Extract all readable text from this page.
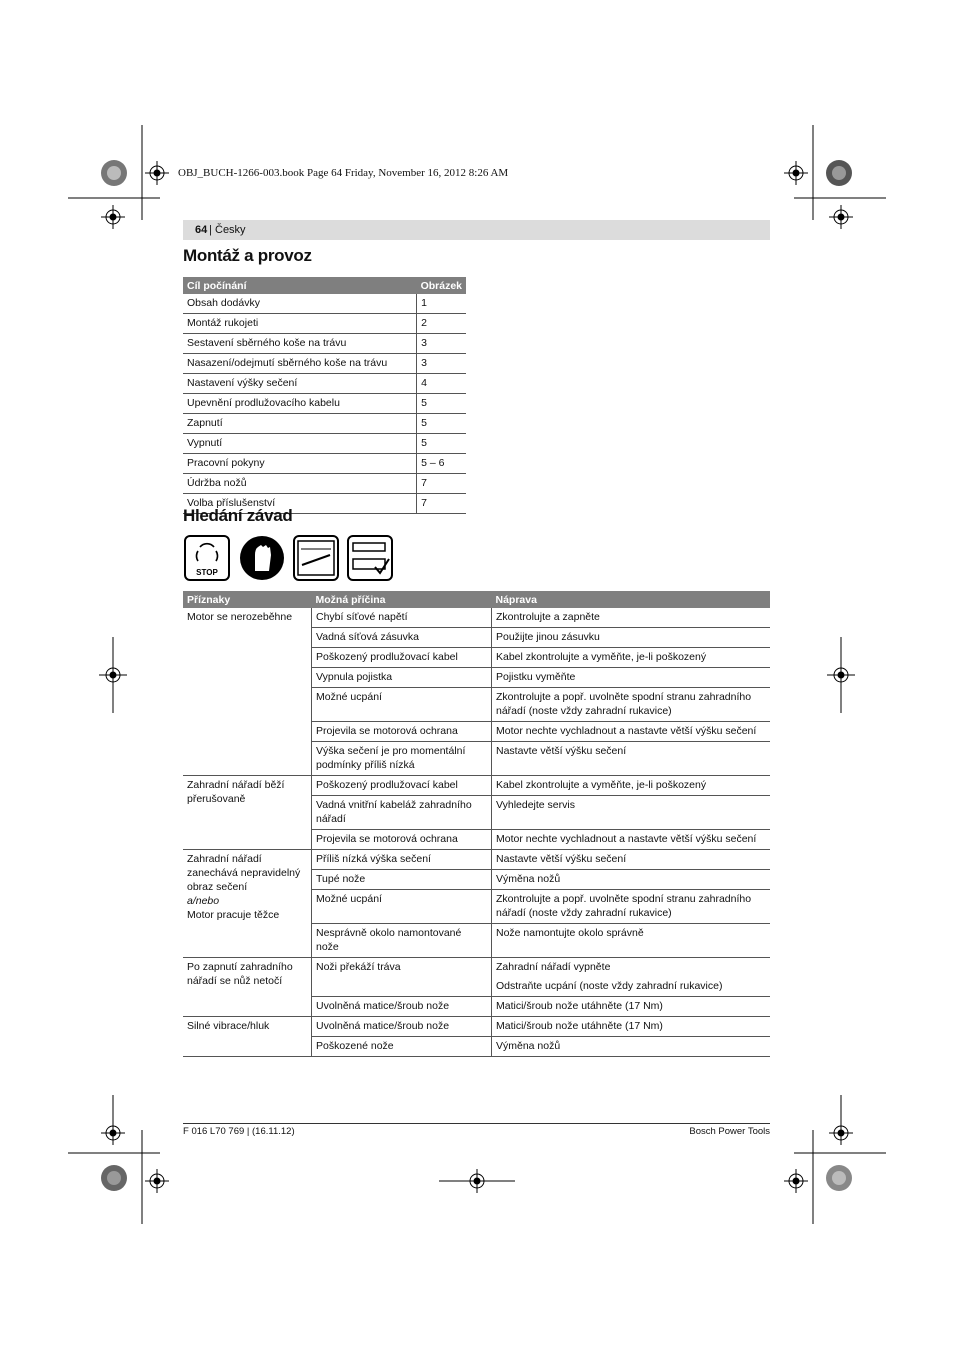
OBJ_BUCH-1266-003.book Page 64 Friday, November 16, 2012 8:26 AM
64 | Česky
Montáž a provoz
Cíl počínání	Obrázek
Obsah dodávky	1
Montáž rukojeti	2
Sestavení sběrného koše na trávu	3
Nasazení/odejmutí sběrného koše na trávu	3
Nastavení výšky sečení	4
Upevnění prodlužovacího kabelu	5
Zapnutí	5
Vypnutí	5
Pracovní pokyny	5 – 6
Údržba nožů	7
Volba příslušenství	7
Hledání závad
STOP
Příznaky	Možná příčina	Náprava

Motor se nerozeběhne	Chybí síťové napětí	Zkontrolujte a zapněte
	Vadná síťová zásuvka	Použijte jinou zásuvku
	Poškozený prodlužovací kabel	Kabel zkontrolujte a vyměňte, je-li poškozený
	Vypnula pojistka	Pojistku vyměňte
	Možné ucpání	Zkontrolujte a popř. uvolněte spodní stranu zahradního nářadí (noste vždy zahradní rukavice)
	Projevila se motorová ochrana	Motor nechte vychladnout a nastavte větší výšku sečení
	Výška sečení je pro momentální podmínky příliš nízká	Nastavte větší výšku sečení

Zahradní nářadí běží přerušovaně	Poškozený prodlužovací kabel	Kabel zkontrolujte a vyměňte, je-li poškozený
	Vadná vnitřní kabeláž zahradního nářadí	Vyhledejte servis
	Projevila se motorová ochrana	Motor nechte vychladnout a nastavte větší výšku sečení

Zahradní nářadí zanechává nepravidelný obraz sečení
a/nebo
Motor pracuje těžce	Příliš nízká výška sečení	Nastavte větší výšku sečení
	Tupé nože	Výměna nožů
	Možné ucpání	Zkontrolujte a popř. uvolněte spodní stranu zahradního nářadí (noste vždy zahradní rukavice)
	Nesprávně okolo namontované nože	Nože namontujte okolo správně

Po zapnutí zahradního nářadí se nůž netočí	Noži překáží tráva	Zahradní nářadí vypněte
		Odstraňte ucpání (noste vždy zahradní rukavice)
	Uvolněná matice/šroub nože	Matici/šroub nože utáhněte (17 Nm)

Silné vibrace/hluk	Uvolněná matice/šroub nože	Matici/šroub nože utáhněte (17 Nm)
	Poškozené nože	Výměna nožů
F 016 L70 769 | (16.11.12)	Bosch Power Tools
